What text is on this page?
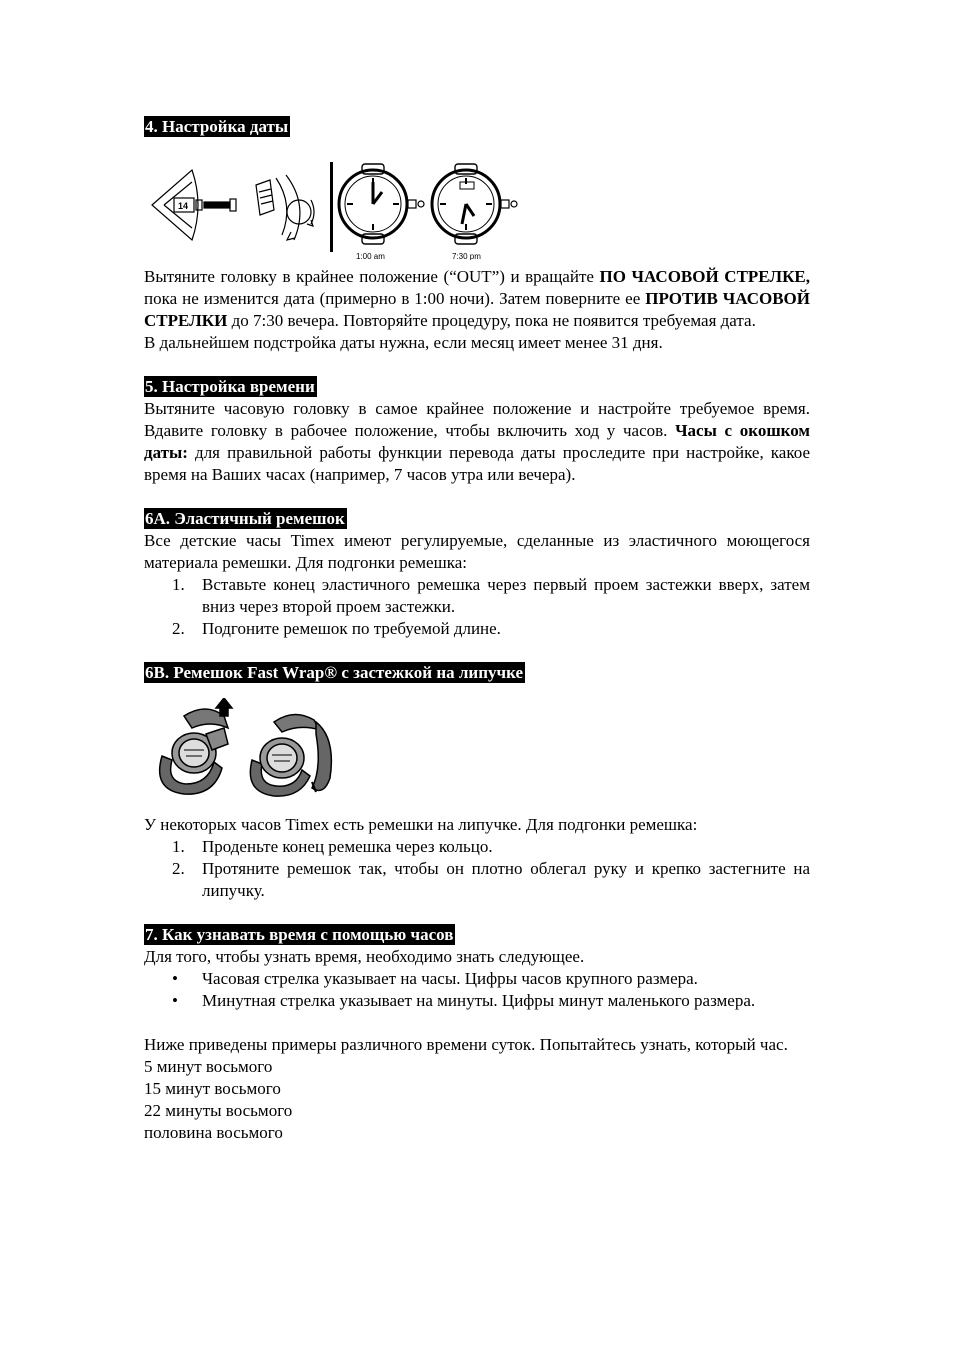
4. Настройка даты
14
1:00 am	7:30 pm

Вытяните головку в крайнее положение (“OUT”) и вращайте ПО ЧАСОВОЙ СТРЕЛКЕ, пока не изменится дата (примерно в 1:00 ночи). Затем поверните ее ПРОТИВ ЧАСОВОЙ СТРЕЛКИ до 7:30 вечера. Повторяйте процедуру, пока не появится требуемая дата.

В дальнейшем подстройка даты нужна, если месяц имеет менее 31 дня.

5. Настройка времени

Вытяните часовую головку в самое крайнее положение и настройте требуемое время. Вдавите головку в рабочее положение, чтобы включить ход у часов. Часы с окошком даты: для правильной работы функции перевода даты проследите при настройке, какое время на Ваших часах (например, 7 часов утра или вечера).

6A. Эластичный ремешок

Все детские часы Timex имеют регулируемые, сделанные из эластичного моющегося материала ремешки. Для подгонки ремешка:

1. Вставьте конец эластичного ремешка через первый проем застежки вверх, затем вниз через второй проем застежки.
2. Подгоните ремешок по требуемой длине.
6B. Ремешок Fast Wrap® с застежкой на липучке

У некоторых часов Timex есть ремешки на липучке. Для подгонки ремешка:

1. Проденьте конец ремешка через кольцо.
2. Протяните ремешок так, чтобы он плотно облегал руку и крепко застегните на липучку.
7. Как узнавать время с помощью часов

Для того, чтобы узнать время, необходимо знать следующее.

• Часовая стрелка указывает на часы. Цифры часов крупного размера.
• Минутная стрелка указывает на минуты. Цифры минут маленького размера.

Ниже приведены примеры различного времени суток. Попытайтесь узнать, который час.

5 минут восьмого

15 минут восьмого

22 минуты восьмого

половина восьмого
